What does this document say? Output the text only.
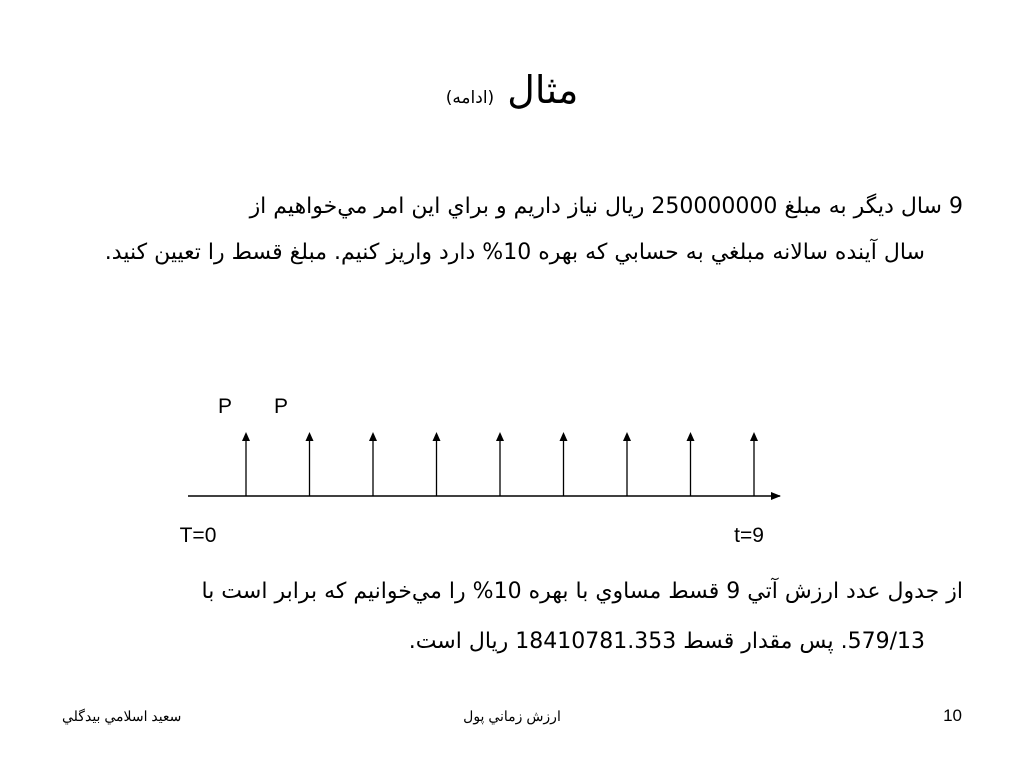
مثال (ادامه)
9 سال ديگر به مبلغ 250000000 ريال نياز داريم و براي اين امر مي‌خواهيم از
سال آينده سالانه مبلغي به حسابي كه بهره 10% دارد واريز كنيم. مبلغ قسط را تعيين كنيد.
P P
T=0	t=9
از جدول عدد ارزش آتي 9 قسط مساوي با بهره 10% را مي‌خوانيم كه برابر است با
579/13. پس مقدار قسط 18410781.353 ريال است.
سعيد اسلامي بيدگلي	ارزش زماني پول	10
